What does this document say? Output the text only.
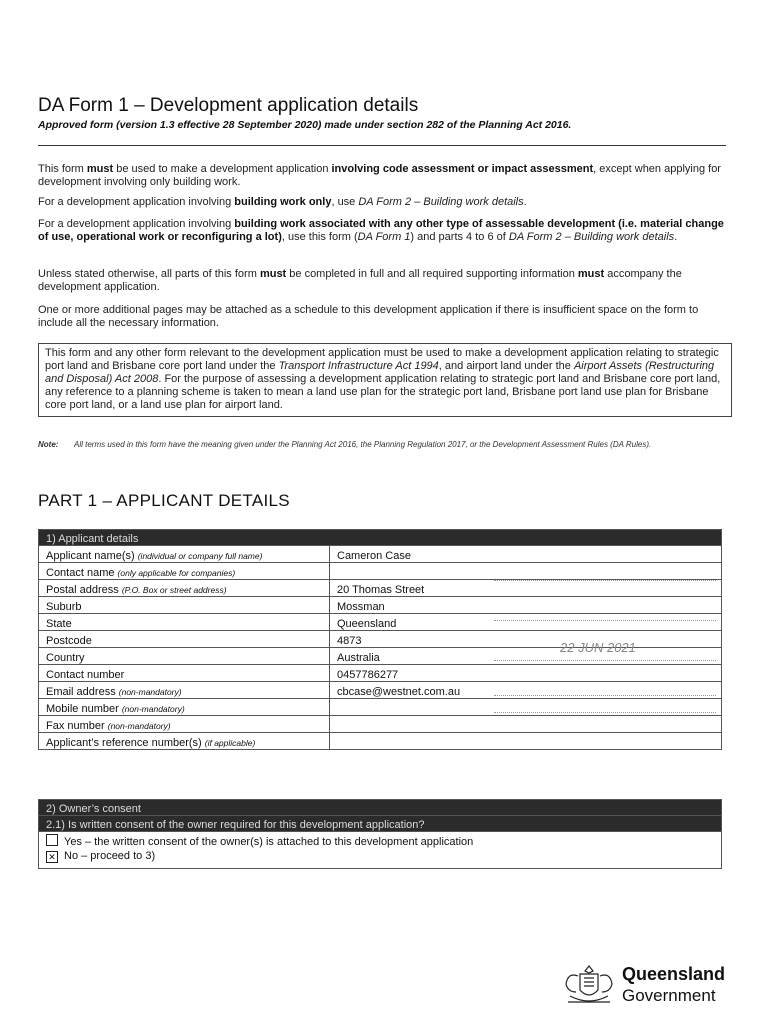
DA Form 1 – Development application details
Approved form (version 1.3 effective 28 September 2020) made under section 282 of the Planning Act 2016.
This form must be used to make a development application involving code assessment or impact assessment, except when applying for development involving only building work.
For a development application involving building work only, use DA Form 2 – Building work details.
For a development application involving building work associated with any other type of assessable development (i.e. material change of use, operational work or reconfiguring a lot), use this form (DA Form 1) and parts 4 to 6 of DA Form 2 – Building work details.
Unless stated otherwise, all parts of this form must be completed in full and all required supporting information must accompany the development application.
One or more additional pages may be attached as a schedule to this development application if there is insufficient space on the form to include all the necessary information.
This form and any other form relevant to the development application must be used to make a development application relating to strategic port land and Brisbane core port land under the Transport Infrastructure Act 1994, and airport land under the Airport Assets (Restructuring and Disposal) Act 2008. For the purpose of assessing a development application relating to strategic port land and Brisbane core port land, any reference to a planning scheme is taken to mean a land use plan for the strategic port land, Brisbane port land use plan for Brisbane core port land, or a land use plan for airport land.
Note:	All terms used in this form have the meaning given under the Planning Act 2016, the Planning Regulation 2017, or the Development Assessment Rules (DA Rules).
PART 1 – APPLICANT DETAILS
1) Applicant details	
Applicant name(s) (individual or company full name)	Cameron Case
Contact name (only applicable for companies)	
Postal address (P.O. Box or street address)	20 Thomas Street
Suburb	Mossman
State	Queensland
Postcode	4873
Country	Australia
Contact number	0457786277
Email address (non-mandatory)	cbcase@westnet.com.au
Mobile number (non-mandatory)	
Fax number (non-mandatory)	
Applicant’s reference number(s) (if applicable)	
2) Owner’s consent
2.1) Is written consent of the owner required for this development application?

Yes – the written consent of the owner(s) is attached to this development application
✕ No – proceed to 3)
22 JUN 2021
Queensland
Government
